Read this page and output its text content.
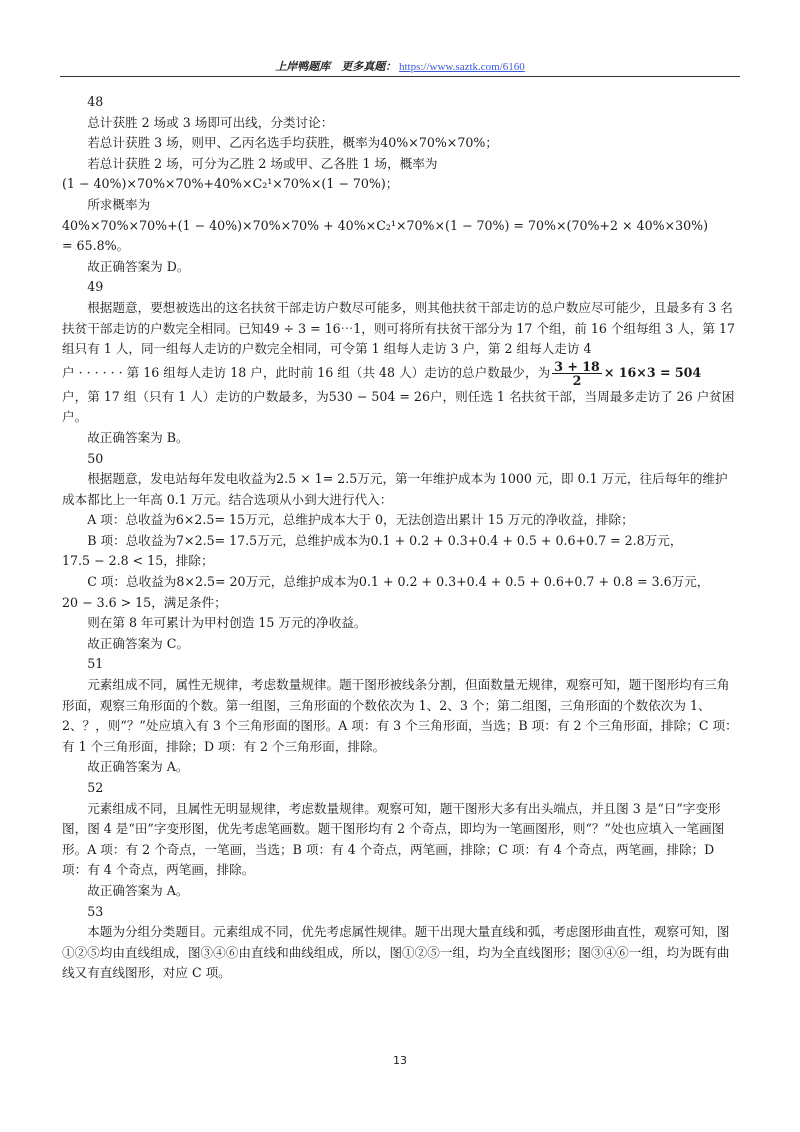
上岸鸭题库 更多真题： https://www.saztk.com/6160

48

总计获胜 2 场或 3 场即可出线，分类讨论：

若总计获胜 3 场，则甲、乙丙名选手均获胜，概率为40%×70%×70%；

若总计获胜 2 场，可分为乙胜 2 场或甲、乙各胜 1 场，概率为

(1 − 40%)×70%×70%+40%×C₂¹×70%×(1 − 70%)；

所求概率为

40%×70%×70%+(1 − 40%)×70%×70% + 40%×C₂¹×70%×(1 − 70%) = 70%×(70%+2 × 40%×30%)

= 65.8%。

故正确答案为 D。

49

根据题意，要想被选出的这名扶贫干部走访户数尽可能多，则其他扶贫干部走访的总户数应尽可能少，且最多有 3 名扶贫干部走访的户数完全相同。已知49 ÷ 3 = 16⋯1，则可将所有扶贫干部分为 17 个组，前 16 个组每组 3 人，第 17 组只有 1 人，同一组每人走访的户数完全相同，可令第 1 组每人走访 3 户，第 2 组每人走访 4

户 · · · · · · 第 16 组每人走访 18 户，此时前 16 组（共 48 人）走访的总户数最少，为 $\frac{3 + 18}{2} \times 16\times 3 = 504$

户，第 17 组（只有 1 人）走访的户数最多，为530 − 504 = 26户，则任选 1 名扶贫干部，当周最多走访了 26 户贫困户。

故正确答案为 B。

50

根据题意，发电站每年发电收益为2.5 × 1= 2.5万元，第一年维护成本为 1000 元，即 0.1 万元，往后每年的维护成本都比上一年高 0.1 万元。结合选项从小到大进行代入：

A 项：总收益为6×2.5= 15万元，总维护成本大于 0，无法创造出累计 15 万元的净收益，排除；

B 项：总收益为7×2.5= 17.5万元，总维护成本为0.1 + 0.2 + 0.3+0.4 + 0.5 + 0.6+0.7 = 2.8万元，

17.5 − 2.8 < 15，排除；

C 项：总收益为8×2.5= 20万元，总维护成本为0.1 + 0.2 + 0.3+0.4 + 0.5 + 0.6+0.7 + 0.8 = 3.6万元，

20 − 3.6 > 15，满足条件；

则在第 8 年可累计为甲村创造 15 万元的净收益。

故正确答案为 C。

51

元素组成不同，属性无规律，考虑数量规律。题干图形被线条分割，但面数量无规律，观察可知，题干图形均有三角形面，观察三角形面的个数。第一组图，三角形面的个数依次为 1、2、3 个；第二组图，三角形面的个数依次为 1、2、？，则“？”处应填入有 3 个三角形面的图形。A 项：有 3 个三角形面，当选；B 项：有 2 个三角形面，排除；C 项：有 1 个三角形面，排除；D 项：有 2 个三角形面，排除。

故正确答案为 A。

52

元素组成不同，且属性无明显规律，考虑数量规律。观察可知，题干图形大多有出头端点，并且图 3 是“日”字变形图，图 4 是“田”字变形图，优先考虑笔画数。题干图形均有 2 个奇点，即均为一笔画图形，则“？”处也应填入一笔画图形。A 项：有 2 个奇点，一笔画，当选；B 项：有 4 个奇点，两笔画，排除；C 项：有 4 个奇点，两笔画，排除；D 项：有 4 个奇点，两笔画，排除。

故正确答案为 A。

53

本题为分组分类题目。元素组成不同，优先考虑属性规律。题干出现大量直线和弧，考虑图形曲直性，观察可知，图①②⑤均由直线组成，图③④⑥由直线和曲线组成，所以，图①②⑤一组，均为全直线图形；图③④⑥一组，均为既有曲线又有直线图形，对应 C 项。

13
